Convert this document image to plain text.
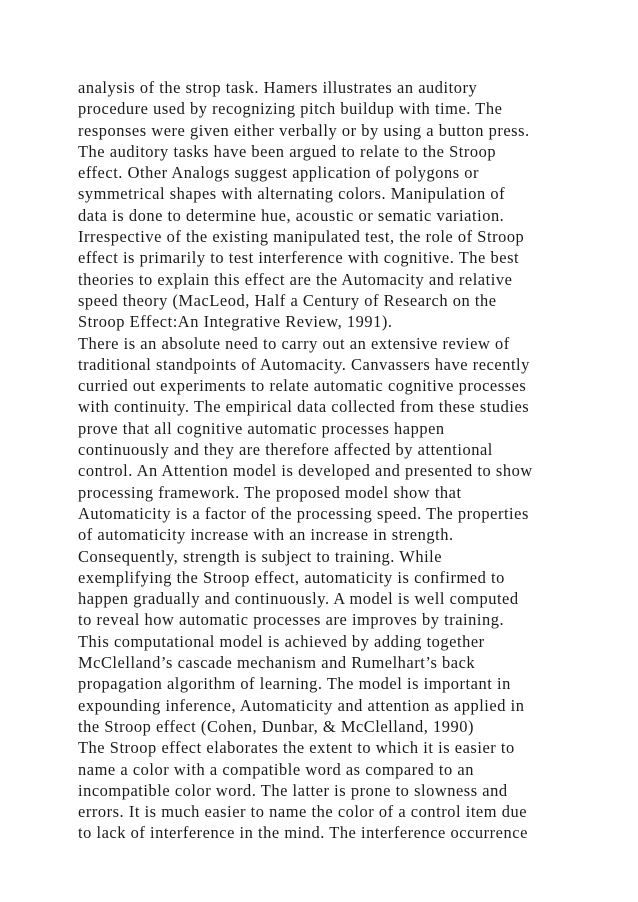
analysis of the strop task. Hamers illustrates an auditory
procedure used by recognizing pitch buildup with time. The
responses were given either verbally or by using a button press.
The auditory tasks have been argued to relate to the Stroop
effect. Other Analogs suggest application of polygons or
symmetrical shapes with alternating colors. Manipulation of
data is done to determine hue, acoustic or sematic variation.
Irrespective of the existing manipulated test, the role of Stroop
effect is primarily to test interference with cognitive. The best
theories to explain this effect are the Automacity and relative
speed theory (MacLeod, Half a Century of Research on the
Stroop Effect:An Integrative Review, 1991).
There is an absolute need to carry out an extensive review of
traditional standpoints of Automacity. Canvassers have recently
curried out experiments to relate automatic cognitive processes
with continuity. The empirical data collected from these studies
prove that all cognitive automatic processes happen
continuously and they are therefore affected by attentional
control. An Attention model is developed and presented to show
processing framework. The proposed model show that
Automaticity is a factor of the processing speed. The properties
of automaticity increase with an increase in strength.
Consequently, strength is subject to training. While
exemplifying the Stroop effect, automaticity is confirmed to
happen gradually and continuously. A model is well computed
to reveal how automatic processes are improves by training.
This computational model is achieved by adding together
McClelland’s cascade mechanism and Rumelhart’s back
propagation algorithm of learning. The model is important in
expounding inference, Automaticity and attention as applied in
the Stroop effect (Cohen, Dunbar, & McClelland, 1990)
The Stroop effect elaborates the extent to which it is easier to
name a color with a compatible word as compared to an
incompatible color word. The latter is prone to slowness and
errors. It is much easier to name the color of a control item due
to lack of interference in the mind. The interference occurrence
